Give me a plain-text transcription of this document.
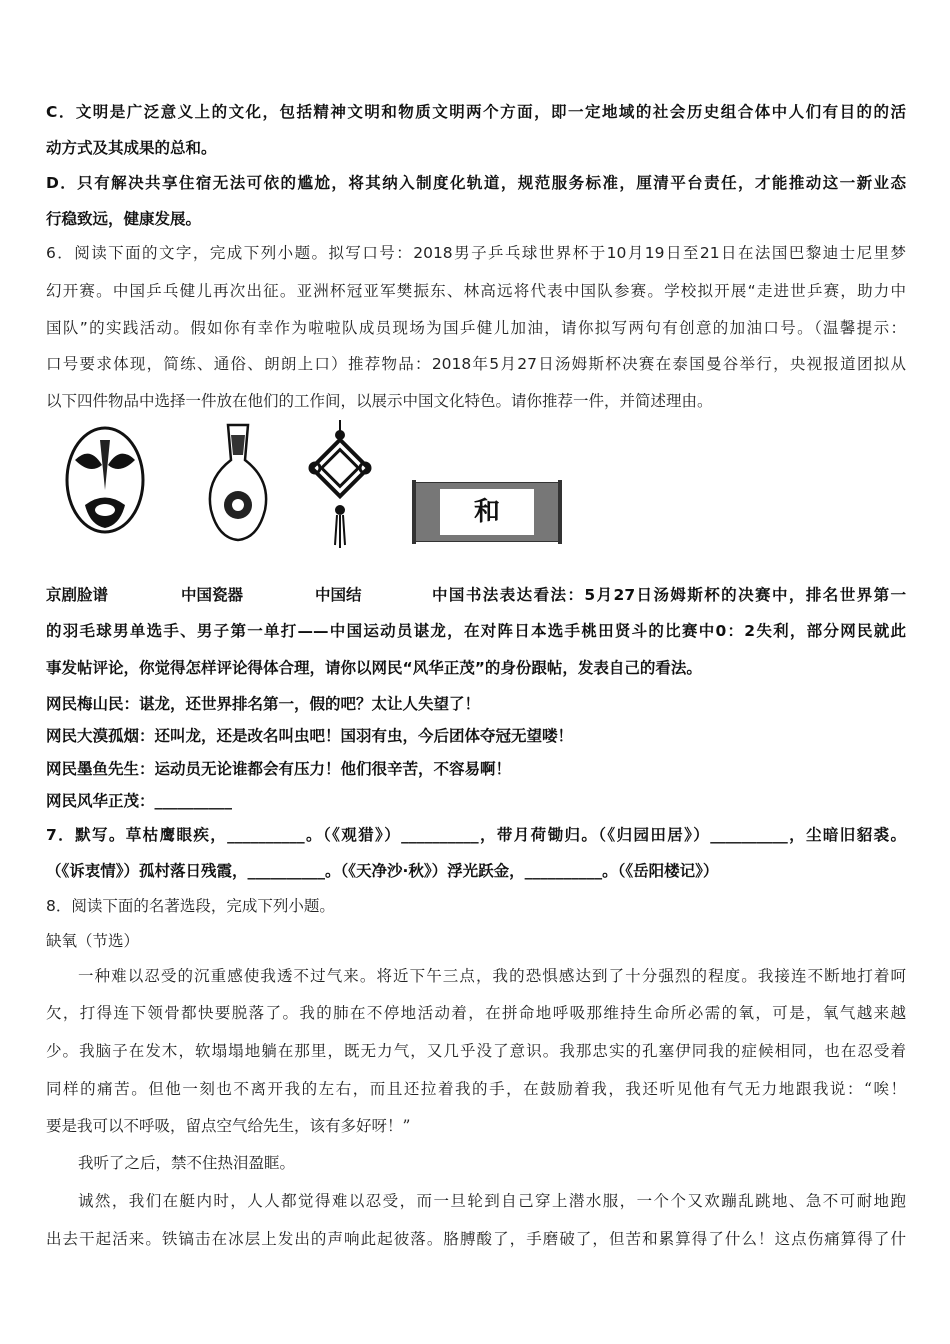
C．文明是广泛意义上的文化，包括精神文明和物质文明两个方面，即一定地域的社会历史组合体中人们有目的的活
动方式及其成果的总和。
D．只有解决共享住宿无法可依的尴尬，将其纳入制度化轨道，规范服务标准，厘清平台责任，才能推动这一新业态
行稳致远，健康发展。
6．阅读下面的文字，完成下列小题。拟写口号：2018男子乒乓球世界杯于10月19日至21日在法国巴黎迪士尼里梦
幻开赛。中国乒乓健儿再次出征。亚洲杯冠亚军樊振东、林高远将代表中国队参赛。学校拟开展“走进世乒赛，助力中
国队”的实践活动。假如你有幸作为啦啦队成员现场为国乒健儿加油，请你拟写两句有创意的加油口号。（温馨提示：
口号要求体现，简练、通俗、朗朗上口）推荐物品：2018年5月27日汤姆斯杯决赛在泰国曼谷举行，央视报道团拟从
以下四件物品中选择一件放在他们的工作间，以展示中国文化特色。请你推荐一件，并简述理由。
和
京剧脸谱	中国瓷器	中国结	中国书法表达看法：5月27日汤姆斯杯的决赛中，排名世界第一
的羽毛球男单选手、男子第一单打——中国运动员谌龙，在对阵日本选手桃田贤斗的比赛中0：2失利，部分网民就此
事发帖评论，你觉得怎样评论得体合理，请你以网民“风华正茂”的身份跟帖，发表自己的看法。
网民梅山民：谌龙，还世界排名第一，假的吧？太让人失望了！
网民大漠孤烟：还叫龙，还是改名叫虫吧！国羽有虫，今后团体夺冠无望喽！
网民墨鱼先生：运动员无论谁都会有压力！他们很辛苦，不容易啊！
网民风华正茂：__________
7．默写。草枯鹰眼疾，__________。（《观猎》）__________，带月荷锄归。（《归园田居》）__________，尘暗旧貂裘。
（《诉衷情》）孤村落日残霞，__________。（《天净沙·秋》）浮光跃金，__________。（《岳阳楼记》）
8．阅读下面的名著选段，完成下列小题。
缺氧（节选）
一种难以忍受的沉重感使我透不过气来。将近下午三点，我的恐惧感达到了十分强烈的程度。我接连不断地打着呵
欠，打得连下领骨都快要脱落了。我的肺在不停地活动着，在拼命地呼吸那维持生命所必需的氧，可是，氧气越来越
少。我脑子在发木，软塌塌地躺在那里，既无力气，又几乎没了意识。我那忠实的孔塞伊同我的症候相同，也在忍受着
同样的痛苦。但他一刻也不离开我的左右，而且还拉着我的手，在鼓励着我，我还听见他有气无力地跟我说：“唉！
要是我可以不呼吸，留点空气给先生，该有多好呀！”
我听了之后，禁不住热泪盈眶。
诚然，我们在艇内时，人人都觉得难以忍受，而一旦轮到自己穿上潜水服，一个个又欢蹦乱跳地、急不可耐地跑
出去干起活来。铁镐击在冰层上发出的声响此起彼落。胳膊酸了，手磨破了，但苦和累算得了什么！这点伤痛算得了什
